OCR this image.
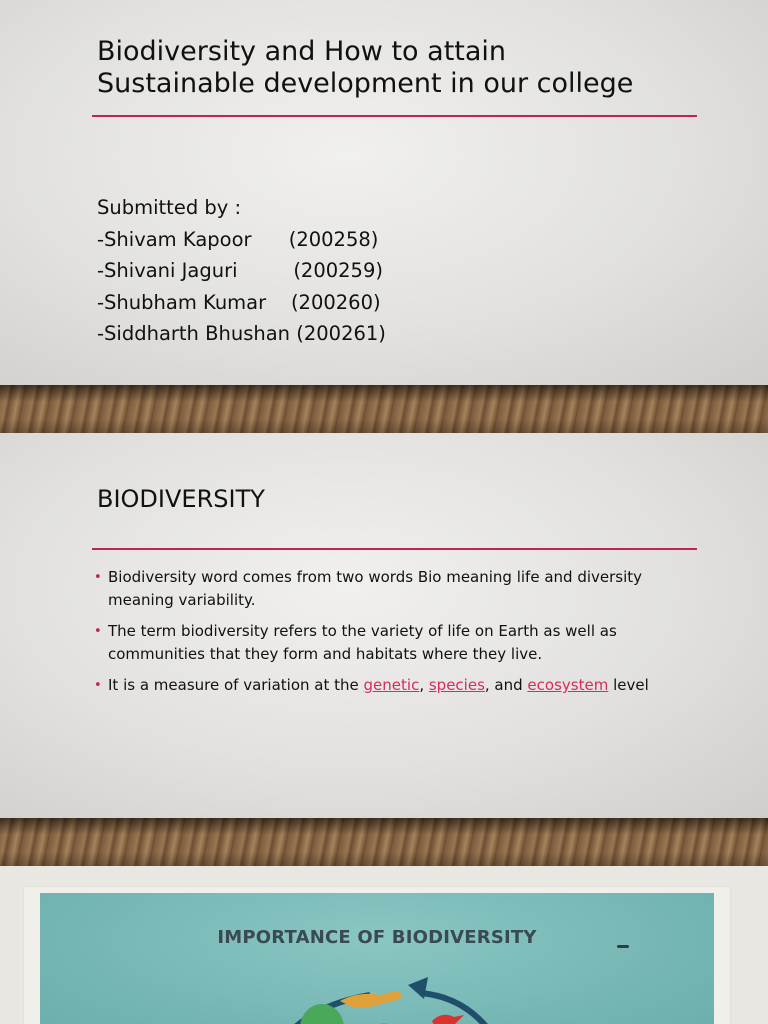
Biodiversity and How to attain
Sustainable development in our college
Submitted by :
-Shivam Kapoor      (200258)
-Shivani Jaguri         (200259)
-Shubham Kumar    (200260)
-Siddharth Bhushan (200261)
BIODIVERSITY
• Biodiversity word comes from two words Bio meaning life and diversity meaning variability.
• The term biodiversity refers to the variety of life on Earth as well as communities that they form and habitats where they live.
• It is a measure of variation at the genetic, species, and ecosystem level
IMPORTANCE OF BIODIVERSITY
